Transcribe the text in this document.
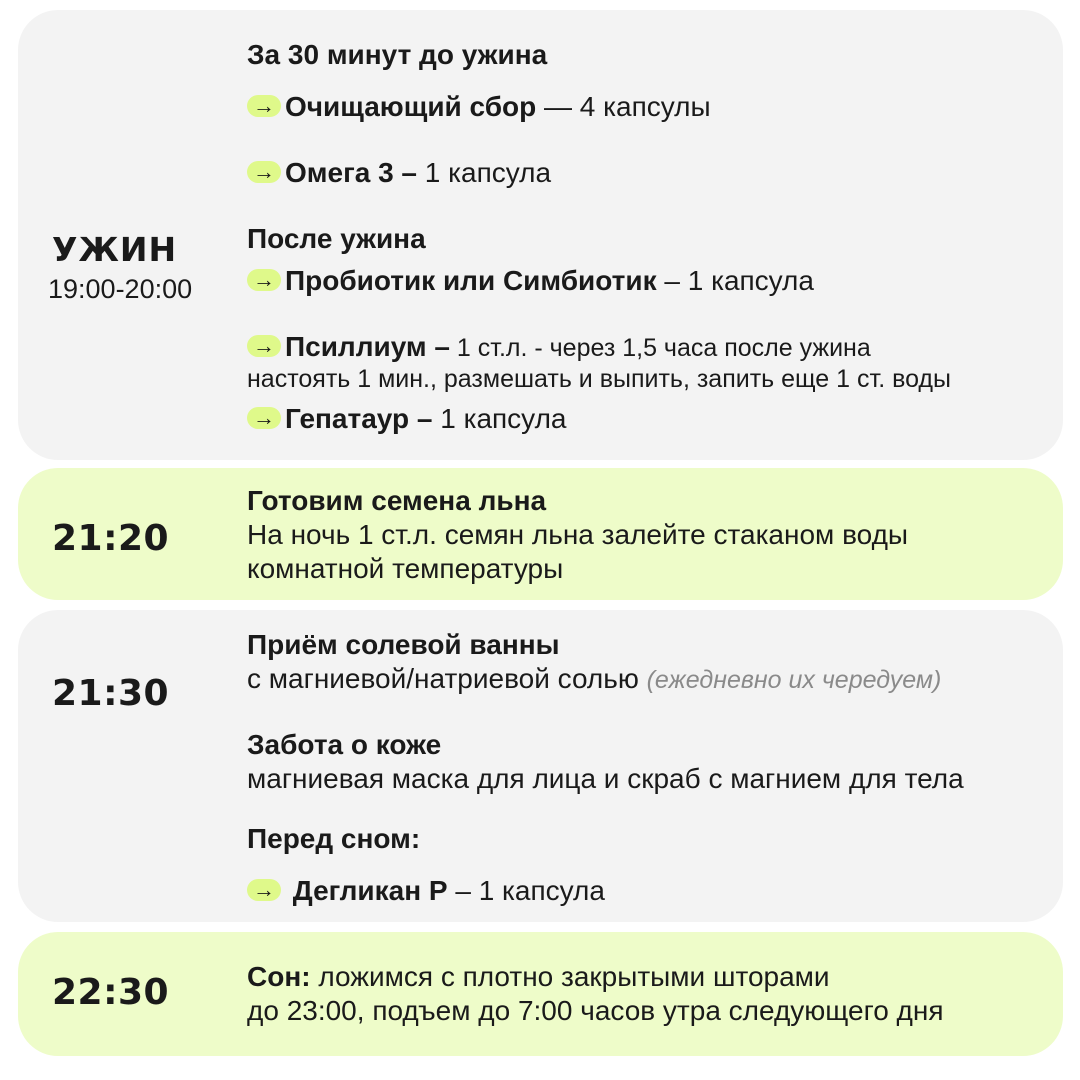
УЖИН
19:00-20:00
За 30 минут до ужина
→ Очищающий сбор — 4 капсулы
→ Омега 3 – 1 капсула
После ужина
→ Пробиотик или Симбиотик – 1 капсула
→ Псиллиум – 1 ст.л. - через 1,5 часа после ужина
настоять 1 мин., размешать и выпить, запить еще 1 ст. воды
→ Гепатаур – 1 капсула
21:20
Готовим семена льна
На ночь 1 ст.л. семян льна залейте стаканом воды
комнатной температуры
21:30
Приём солевой ванны
с магниевой/натриевой солью (ежедневно их чередуем)
Забота о коже
магниевая маска для лица и скраб с магнием для тела
Перед сном:
→ Дегликан Р – 1 капсула
22:30	Сон: ложимся с плотно закрытыми шторами
до 23:00, подъем до 7:00 часов утра следующего дня
